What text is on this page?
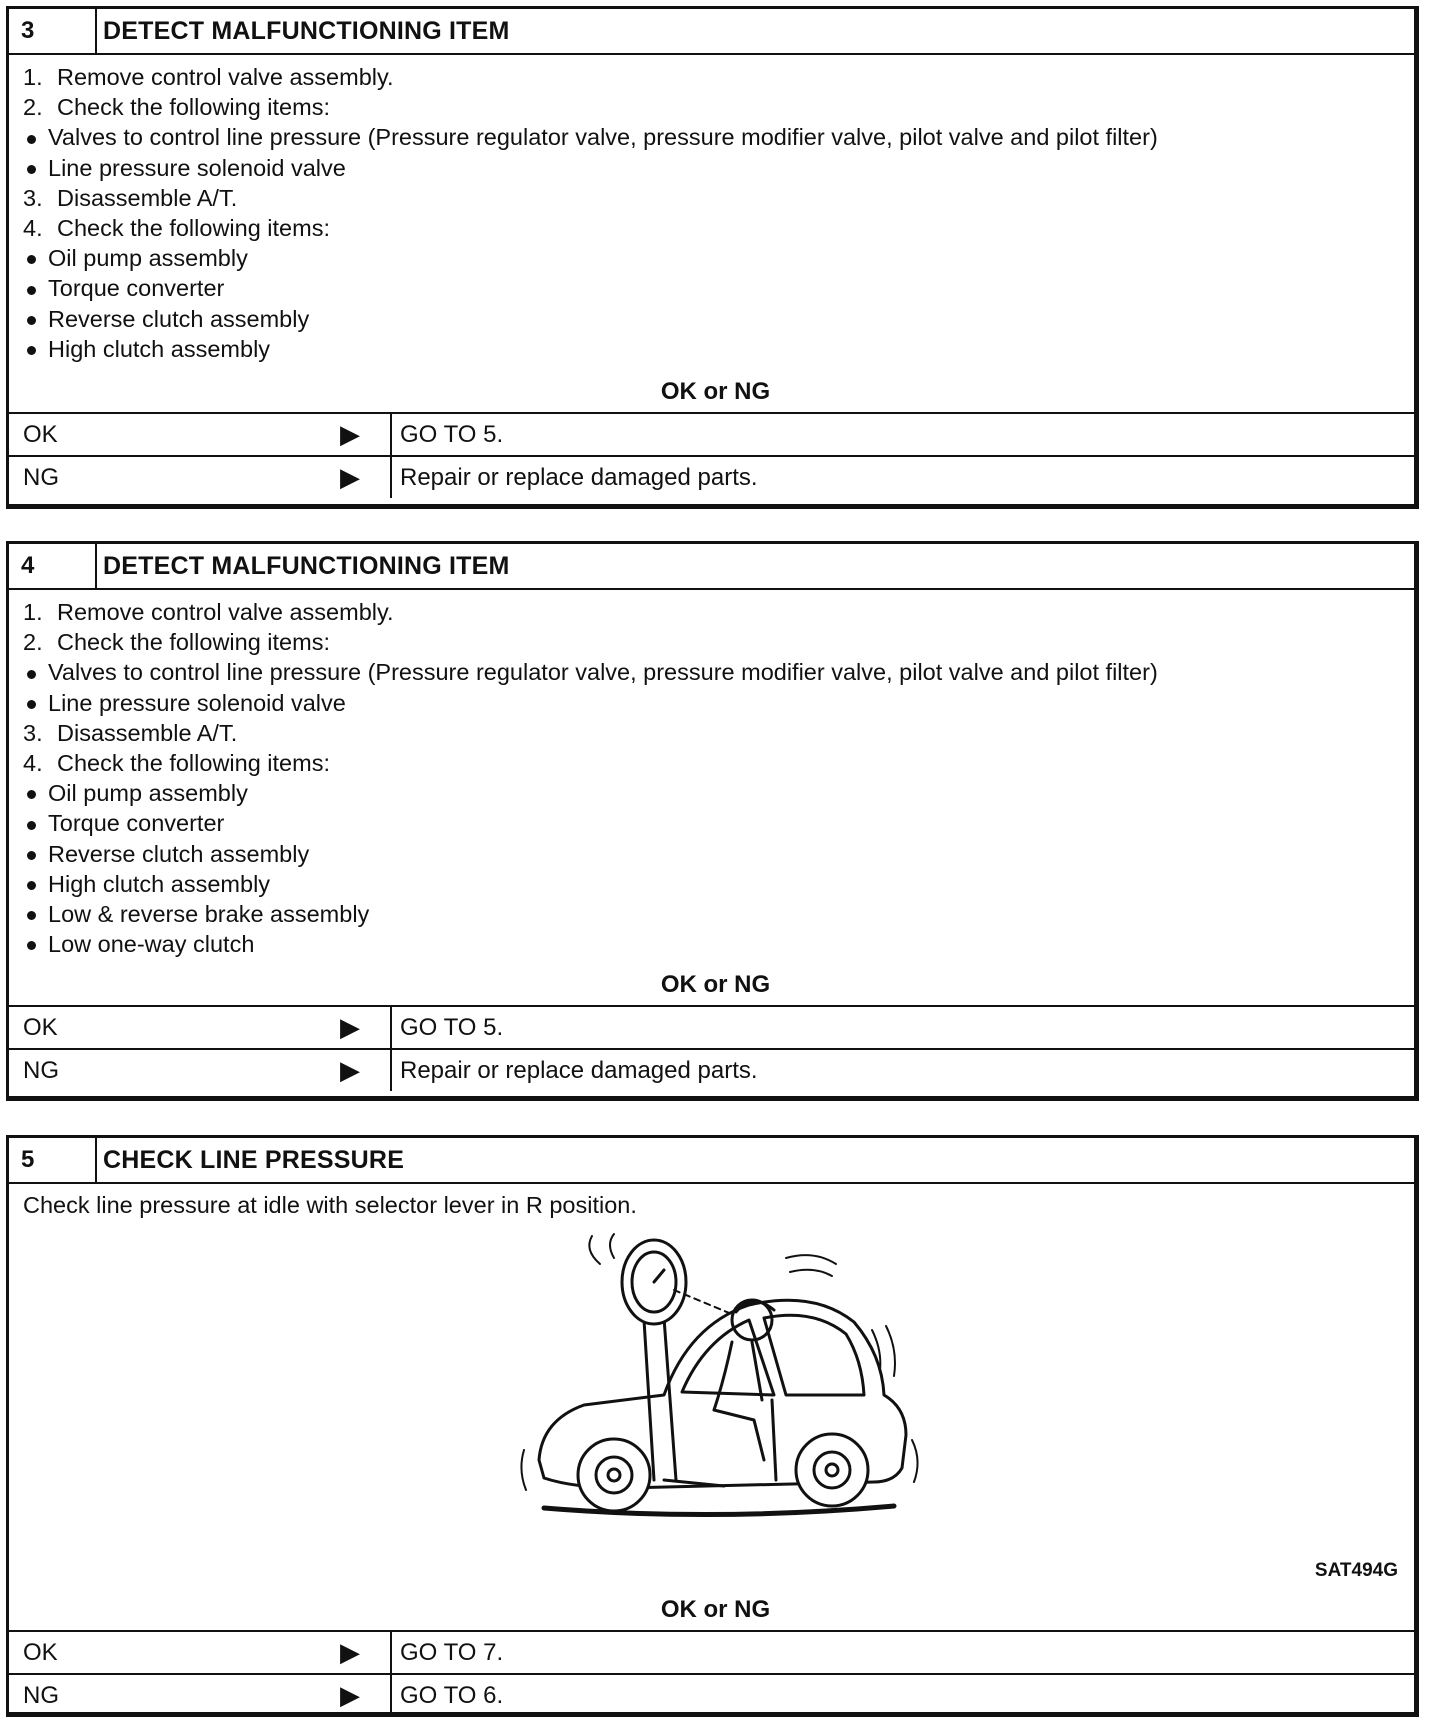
3	DETECT MALFUNCTIONING ITEM
1. Remove control valve assembly.
2. Check the following items:
Valves to control line pressure (Pressure regulator valve, pressure modifier valve, pilot valve and pilot filter)
Line pressure solenoid valve
3. Disassemble A/T.
4. Check the following items:
Oil pump assembly
Torque converter
Reverse clutch assembly
High clutch assembly
OK or NG
OK	▶	GO TO 5.
NG	▶	Repair or replace damaged parts.
4	DETECT MALFUNCTIONING ITEM
1. Remove control valve assembly.
2. Check the following items:
Valves to control line pressure (Pressure regulator valve, pressure modifier valve, pilot valve and pilot filter)
Line pressure solenoid valve
3. Disassemble A/T.
4. Check the following items:
Oil pump assembly
Torque converter
Reverse clutch assembly
High clutch assembly
Low & reverse brake assembly
Low one-way clutch
OK or NG
OK	▶	GO TO 5.
NG	▶	Repair or replace damaged parts.
5	CHECK LINE PRESSURE
Check line pressure at idle with selector lever in R position.
SAT494G
OK or NG
OK	▶	GO TO 7.
NG	▶	GO TO 6.
